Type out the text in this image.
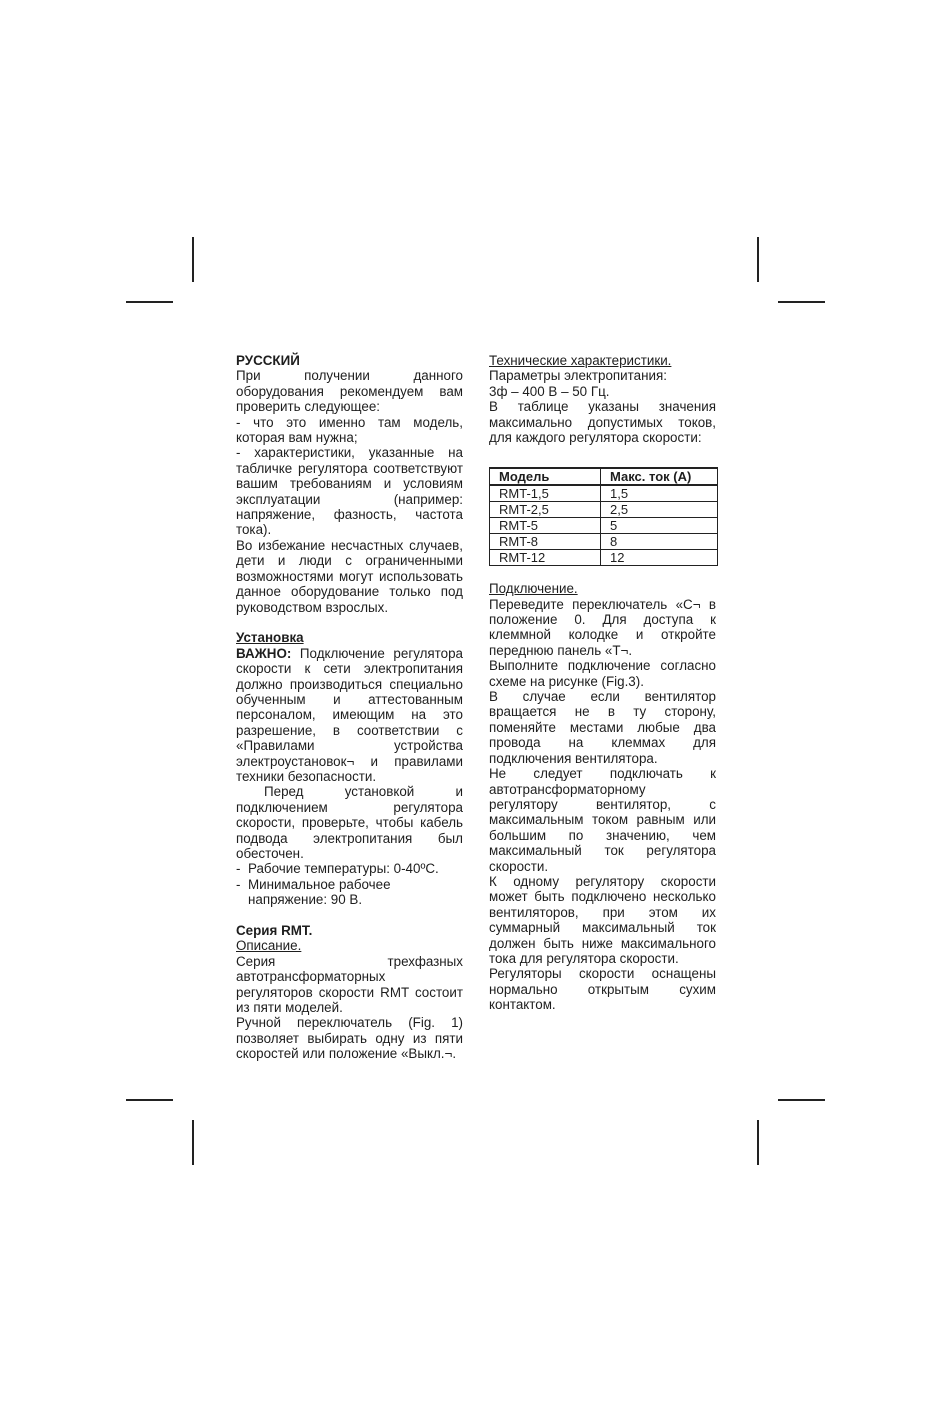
РУССКИЙ

При получении данного

оборудования рекомендуем вам

проверить следующее:

- что это именно там модель,

которая вам нужна;

- характеристики, указанные на

табличке регулятора соответствуют

вашим требованиям и условиям

эксплуатации (например:

напряжение, фазность, частота

тока).

Во избежание несчастных случаев,

дети и люди с ограниченными

возможностями могут использовать

данное оборудование только под

руководством взрослых.

Установка

ВАЖНО: Подключение регулятора

скорости к сети электропитания

должно производиться специально

обученным и аттестованным

персоналом, имеющим на это

разрешение, в соответствии с

«Правилами устройства

электроустановок¬ и правилами

техники безопасности.

Перед установкой и

подключением регулятора

скорости, проверьте, чтобы кабель

подвода электропитания был

обесточен.

- Рабочие температуры: 0-40ºC.
- Минимальное рабочее
напряжение: 90 В.

Серия RMT.

Описание.

Серия трехфазных

автотрансформаторных

регуляторов скорости RMT состоит

из пяти моделей.

Ручной переключатель (Fig. 1)

позволяет выбирать одну из пяти

скоростей или положение «Выкл.¬.

Технические характеристики.

Параметры электропитания:

3ф – 400 В – 50 Гц.

В таблице указаны значения

максимально допустимых токов,

для каждого регулятора скорости:

Модель	Макс. ток (А)
RMT-1,5	1,5
RMT-2,5	2,5
RMT-5	5
RMT-8	8
RMT-12	12

Подключение.

Переведите переключатель «С¬ в

положение 0. Для доступа к

клеммной колодке и откройте

переднюю панель «Т¬.

Выполните подключение согласно

схеме на рисунке (Fig.3).

В случае если вентилятор

вращается не в ту сторону,

поменяйте местами любые два

провода на клеммах для

подключения вентилятора.

Не следует подключать к

автотрансформаторному

регулятору вентилятор, с

максимальным током равным или

большим по значению, чем

максимальный ток регулятора

скорости.

К одному регулятору скорости

может быть подключено несколько

вентиляторов, при этом их

суммарный максимальный ток

должен быть ниже максимального

тока для регулятора скорости.

Регуляторы скорости оснащены

нормально открытым сухим

контактом.
